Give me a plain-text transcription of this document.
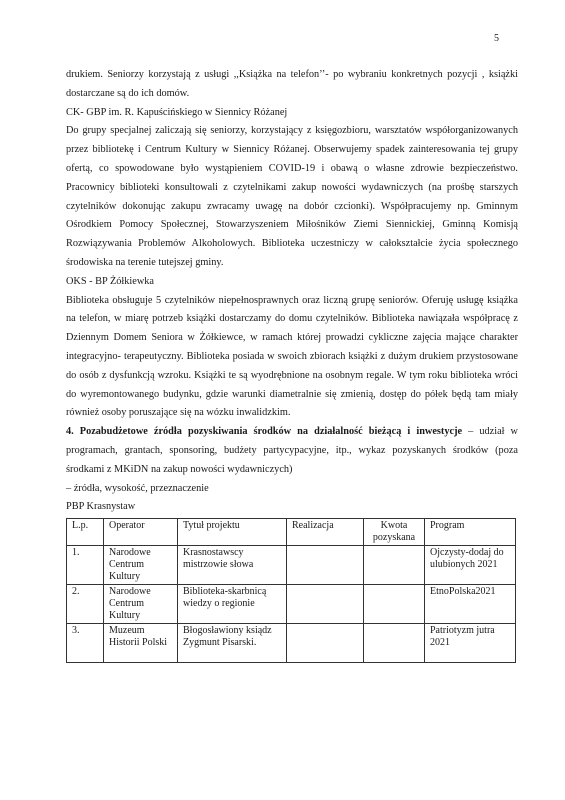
5

drukiem. Seniorzy korzystają z usługi ,,Książka na telefon’’- po wybraniu konkretnych pozycji , książki dostarczane są do ich domów.

CK- GBP im. R. Kapuścińskiego w Siennicy Różanej

Do grupy specjalnej zaliczają się seniorzy, korzystający z księgozbioru, warsztatów współorganizowanych przez bibliotekę i Centrum Kultury w Siennicy Różanej. Obserwujemy spadek zainteresowania tej grupy ofertą, co spowodowane było wystąpieniem COVID-19 i obawą o własne zdrowie bezpieczeństwo. Pracownicy biblioteki konsultowali z czytelnikami zakup nowości wydawniczych (na prośbę starszych czytelników dokonując zakupu zwracamy uwagę na dobór czcionki). Współpracujemy np. Gminnym Ośrodkiem Pomocy Społecznej, Stowarzyszeniem Miłośników Ziemi Siennickiej, Gminną Komisją Rozwiązywania Problemów Alkoholowych. Biblioteka uczestniczy w całokształcie życia społecznego środowiska na terenie tutejszej gminy.

OKS - BP Żółkiewka

Biblioteka obsługuje 5 czytelników niepełnosprawnych oraz liczną grupę seniorów. Oferuję usługę książka na telefon, w miarę potrzeb książki dostarczamy do domu czytelników. Biblioteka nawiązała współpracę z Dziennym Domem Seniora w Żółkiewce, w ramach której prowadzi cykliczne zajęcia mające charakter integracyjno- terapeutyczny. Biblioteka posiada w swoich zbiorach książki z dużym drukiem przystosowane do osób z dysfunkcją wzroku. Książki te są wyodrębnione na osobnym regale. W tym roku biblioteka wróci do wyremontowanego budynku, gdzie warunki diametralnie się zmienią, dostęp do półek będą tam miały również osoby poruszające się na wózku inwalidzkim.

4. Pozabudżetowe źródła pozyskiwania środków na działalność bieżącą i inwestycje – udział w programach, grantach, sponsoring, budżety partycypacyjne, itp., wykaz pozyskanych środków (poza środkami z MKiDN na zakup nowości wydawniczych)

– źródła, wysokość, przeznaczenie

PBP Krasnystaw

L.p.	Operator	Tytuł projektu	Realizacja	Kwota pozyskana	Program
1.	Narodowe Centrum Kultury	Krasnostawscy mistrzowie słowa			Ojczysty-dodaj do ulubionych 2021
2.	Narodowe Centrum Kultury	Biblioteka-skarbnicą wiedzy o regionie			EtnoPolska2021
3.	Muzeum Historii Polski	Błogosławiony ksiądz Zygmunt Pisarski.			Patriotyzm jutra 2021
